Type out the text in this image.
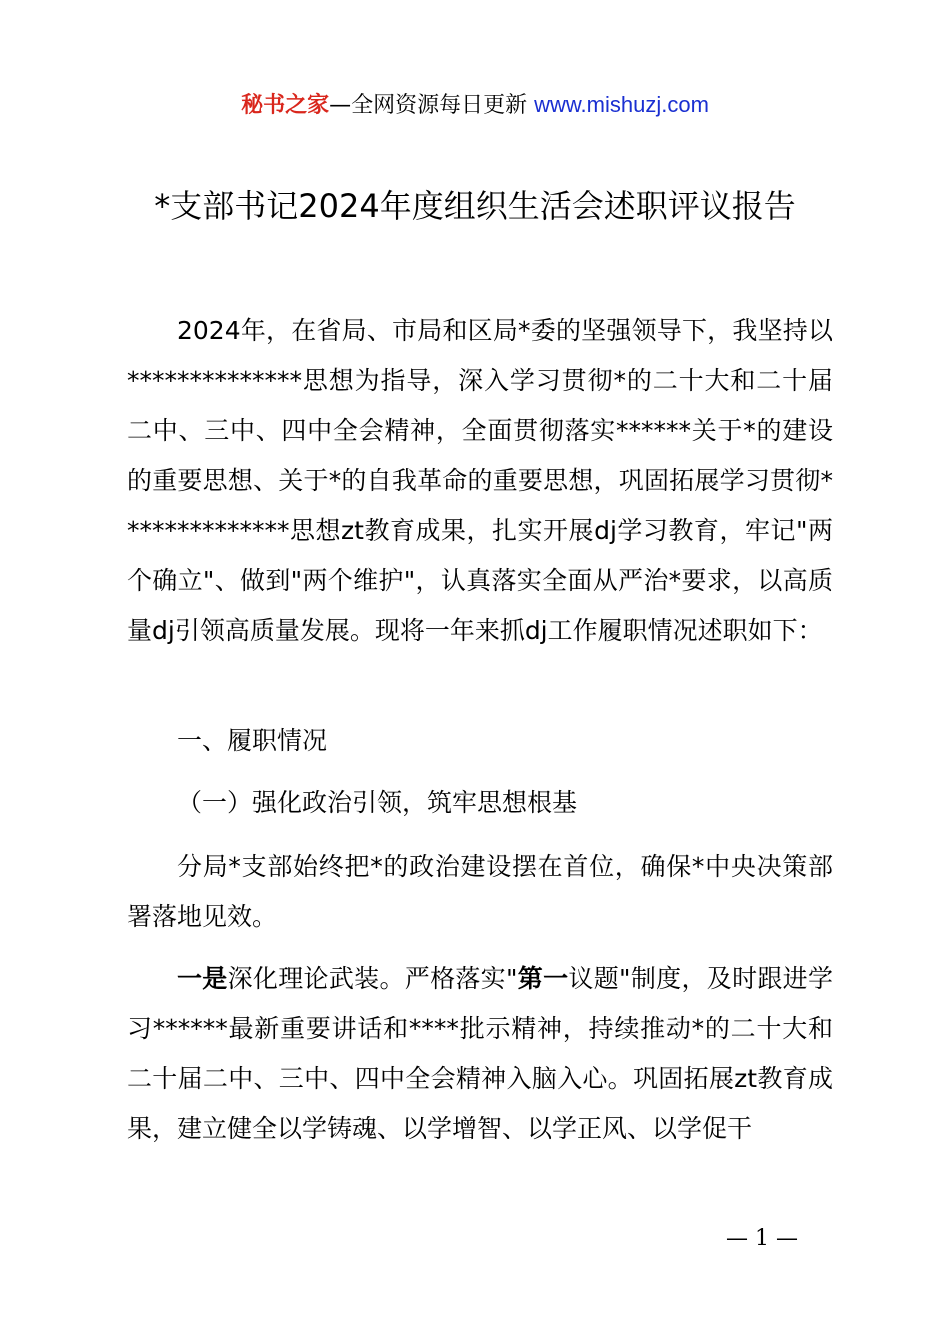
秘书之家—全网资源每日更新 www.mishuzj.com
*支部书记2024年度组织生活会述职评议报告

2024年，在省局、市局和区局*委的坚强领导下，我坚持以**************思想为指导，深入学习贯彻*的二十大和二十届二中、三中、四中全会精神，全面贯彻落实******关于*的建设的重要思想、关于*的自我革命的重要思想，巩固拓展学习贯彻**************思想zt教育成果，扎实开展dj学习教育，牢记"两个确立"、做到"两个维护"，认真落实全面从严治*要求，以高质量dj引领高质量发展。现将一年来抓dj工作履职情况述职如下：

一、履职情况

（一）强化政治引领，筑牢思想根基

分局*支部始终把*的政治建设摆在首位，确保*中央决策部署落地见效。

一是深化理论武装。严格落实"第一议题"制度，及时跟进学习******最新重要讲话和****批示精神，持续推动*的二十大和二十届二中、三中、四中全会精神入脑入心。巩固拓展zt教育成果，建立健全以学铸魂、以学增智、以学正风、以学促干

— 1 —
